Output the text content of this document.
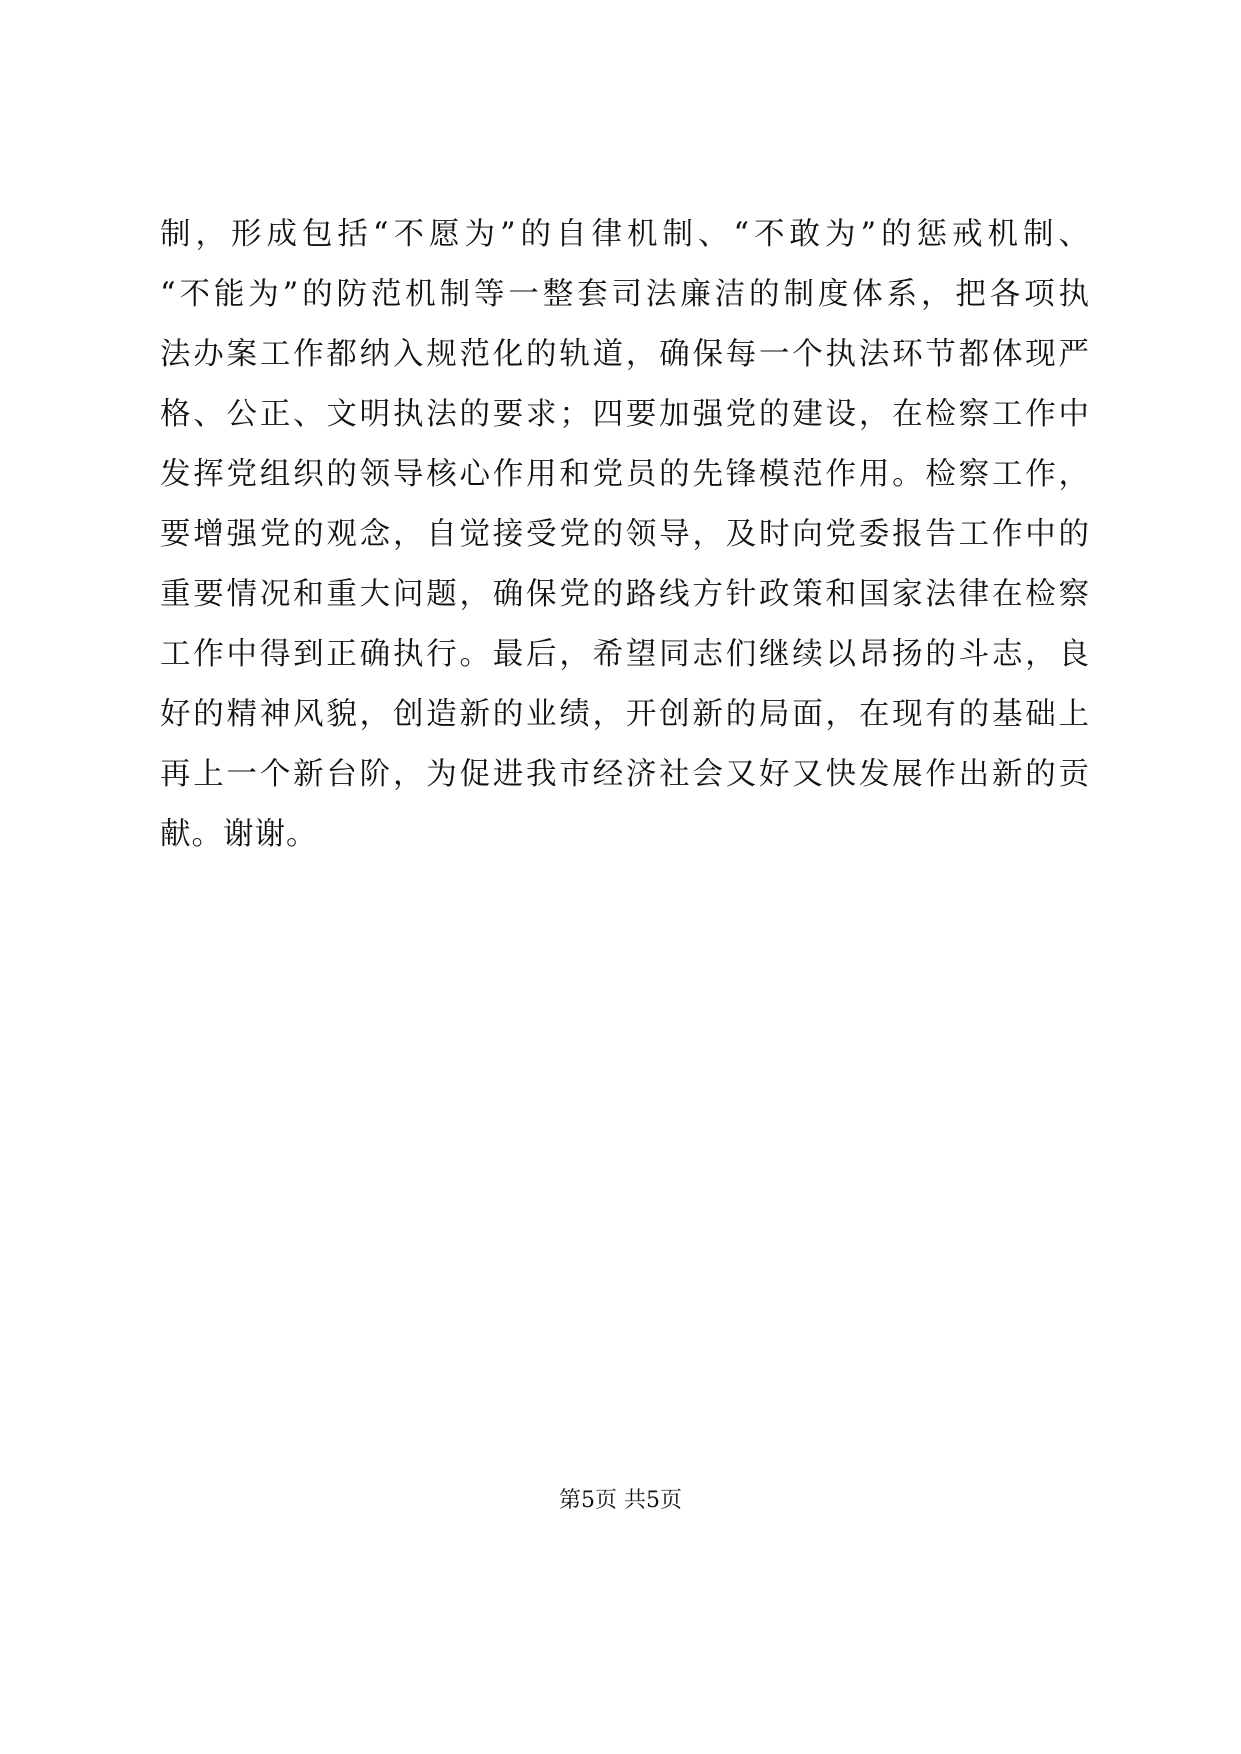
制，形成包括“不愿为”的自律机制、“不敢为”的惩戒机制、
“不能为”的防范机制等一整套司法廉洁的制度体系，把各项执
法办案工作都纳入规范化的轨道，确保每一个执法环节都体现严
格、公正、文明执法的要求；四要加强党的建设，在检察工作中
发挥党组织的领导核心作用和党员的先锋模范作用。检察工作，
要增强党的观念，自觉接受党的领导，及时向党委报告工作中的
重要情况和重大问题，确保党的路线方针政策和国家法律在检察
工作中得到正确执行。最后，希望同志们继续以昂扬的斗志，良
好的精神风貌，创造新的业绩，开创新的局面，在现有的基础上
再上一个新台阶，为促进我市经济社会又好又快发展作出新的贡
献。谢谢。
第5页 共5页
